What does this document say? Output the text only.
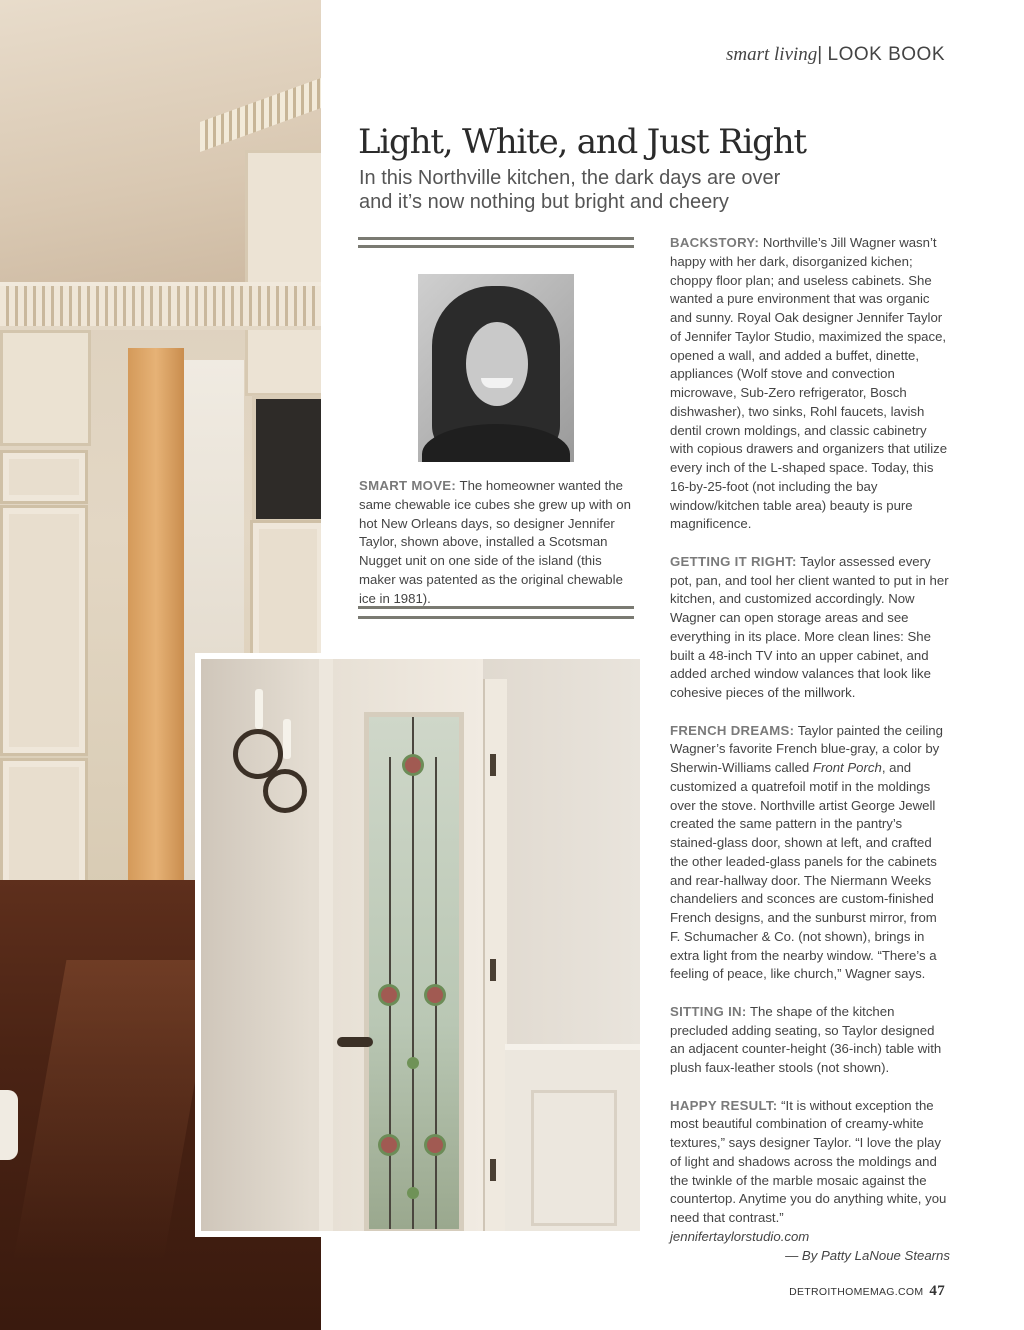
smart living| LOOK BOOK
Light, White, and Just Right

In this Northville kitchen, the dark days are over and it’s now nothing but bright and cheery

SMART MOVE: The homeowner wanted the same chewable ice cubes she grew up with on hot New Orleans days, so designer Jennifer Taylor, shown above, installed a Scotsman Nugget unit on one side of the island (this maker was patented as the original chewable ice in 1981).

BACKSTORY: Northville’s Jill Wagner wasn’t happy with her dark, disorganized kichen; choppy floor plan; and useless cabinets. She wanted a pure environment that was organic and sunny. Royal Oak designer Jennifer Taylor of Jennifer Taylor Studio, maximized the space, opened a wall, and added a buffet, dinette, appliances (Wolf stove and convection microwave, Sub-Zero refrigerator, Bosch dishwasher), two sinks, Rohl faucets, lavish dentil crown moldings, and classic cabinetry with copious drawers and organizers that utilize every inch of the L-shaped space. Today, this 16-by-25-foot (not including the bay window/kitchen table area) beauty is pure magnificence.

GETTING IT RIGHT: Taylor assessed every pot, pan, and tool her client wanted to put in her kitchen, and customized accordingly. Now Wagner can open storage areas and see everything in its place. More clean lines: She built a 48-inch TV into an upper cabinet, and added arched window valances that look like cohesive pieces of the millwork.

FRENCH DREAMS: Taylor painted the ceiling Wagner’s favorite French blue-gray, a color by Sherwin-Williams called Front Porch, and customized a quatrefoil motif in the moldings over the stove. Northville artist George Jewell created the same pattern in the pantry’s stained-glass door, shown at left, and crafted the other leaded-glass panels for the cabinets and rear-hallway door. The Niermann Weeks chandeliers and sconces are custom-finished French designs, and the sunburst mirror, from F. Schumacher & Co. (not shown), brings in extra light from the nearby window. “There’s a feeling of peace, like church,” Wagner says.

SITTING IN: The shape of the kitchen precluded adding seating, so Taylor designed an adjacent counter-height (36-inch) table with plush faux-leather stools (not shown).

HAPPY RESULT: “It is without exception the most beautiful combination of creamy-white textures,” says designer Taylor. “I love the play of light and shadows across the moldings and the twinkle of the marble mosaic against the countertop. Anytime you do anything white, you need that contrast.”
jennifertaylorstudio.com

— By Patty LaNoue Stearns
DETROITHOMEMAG.COM 47
